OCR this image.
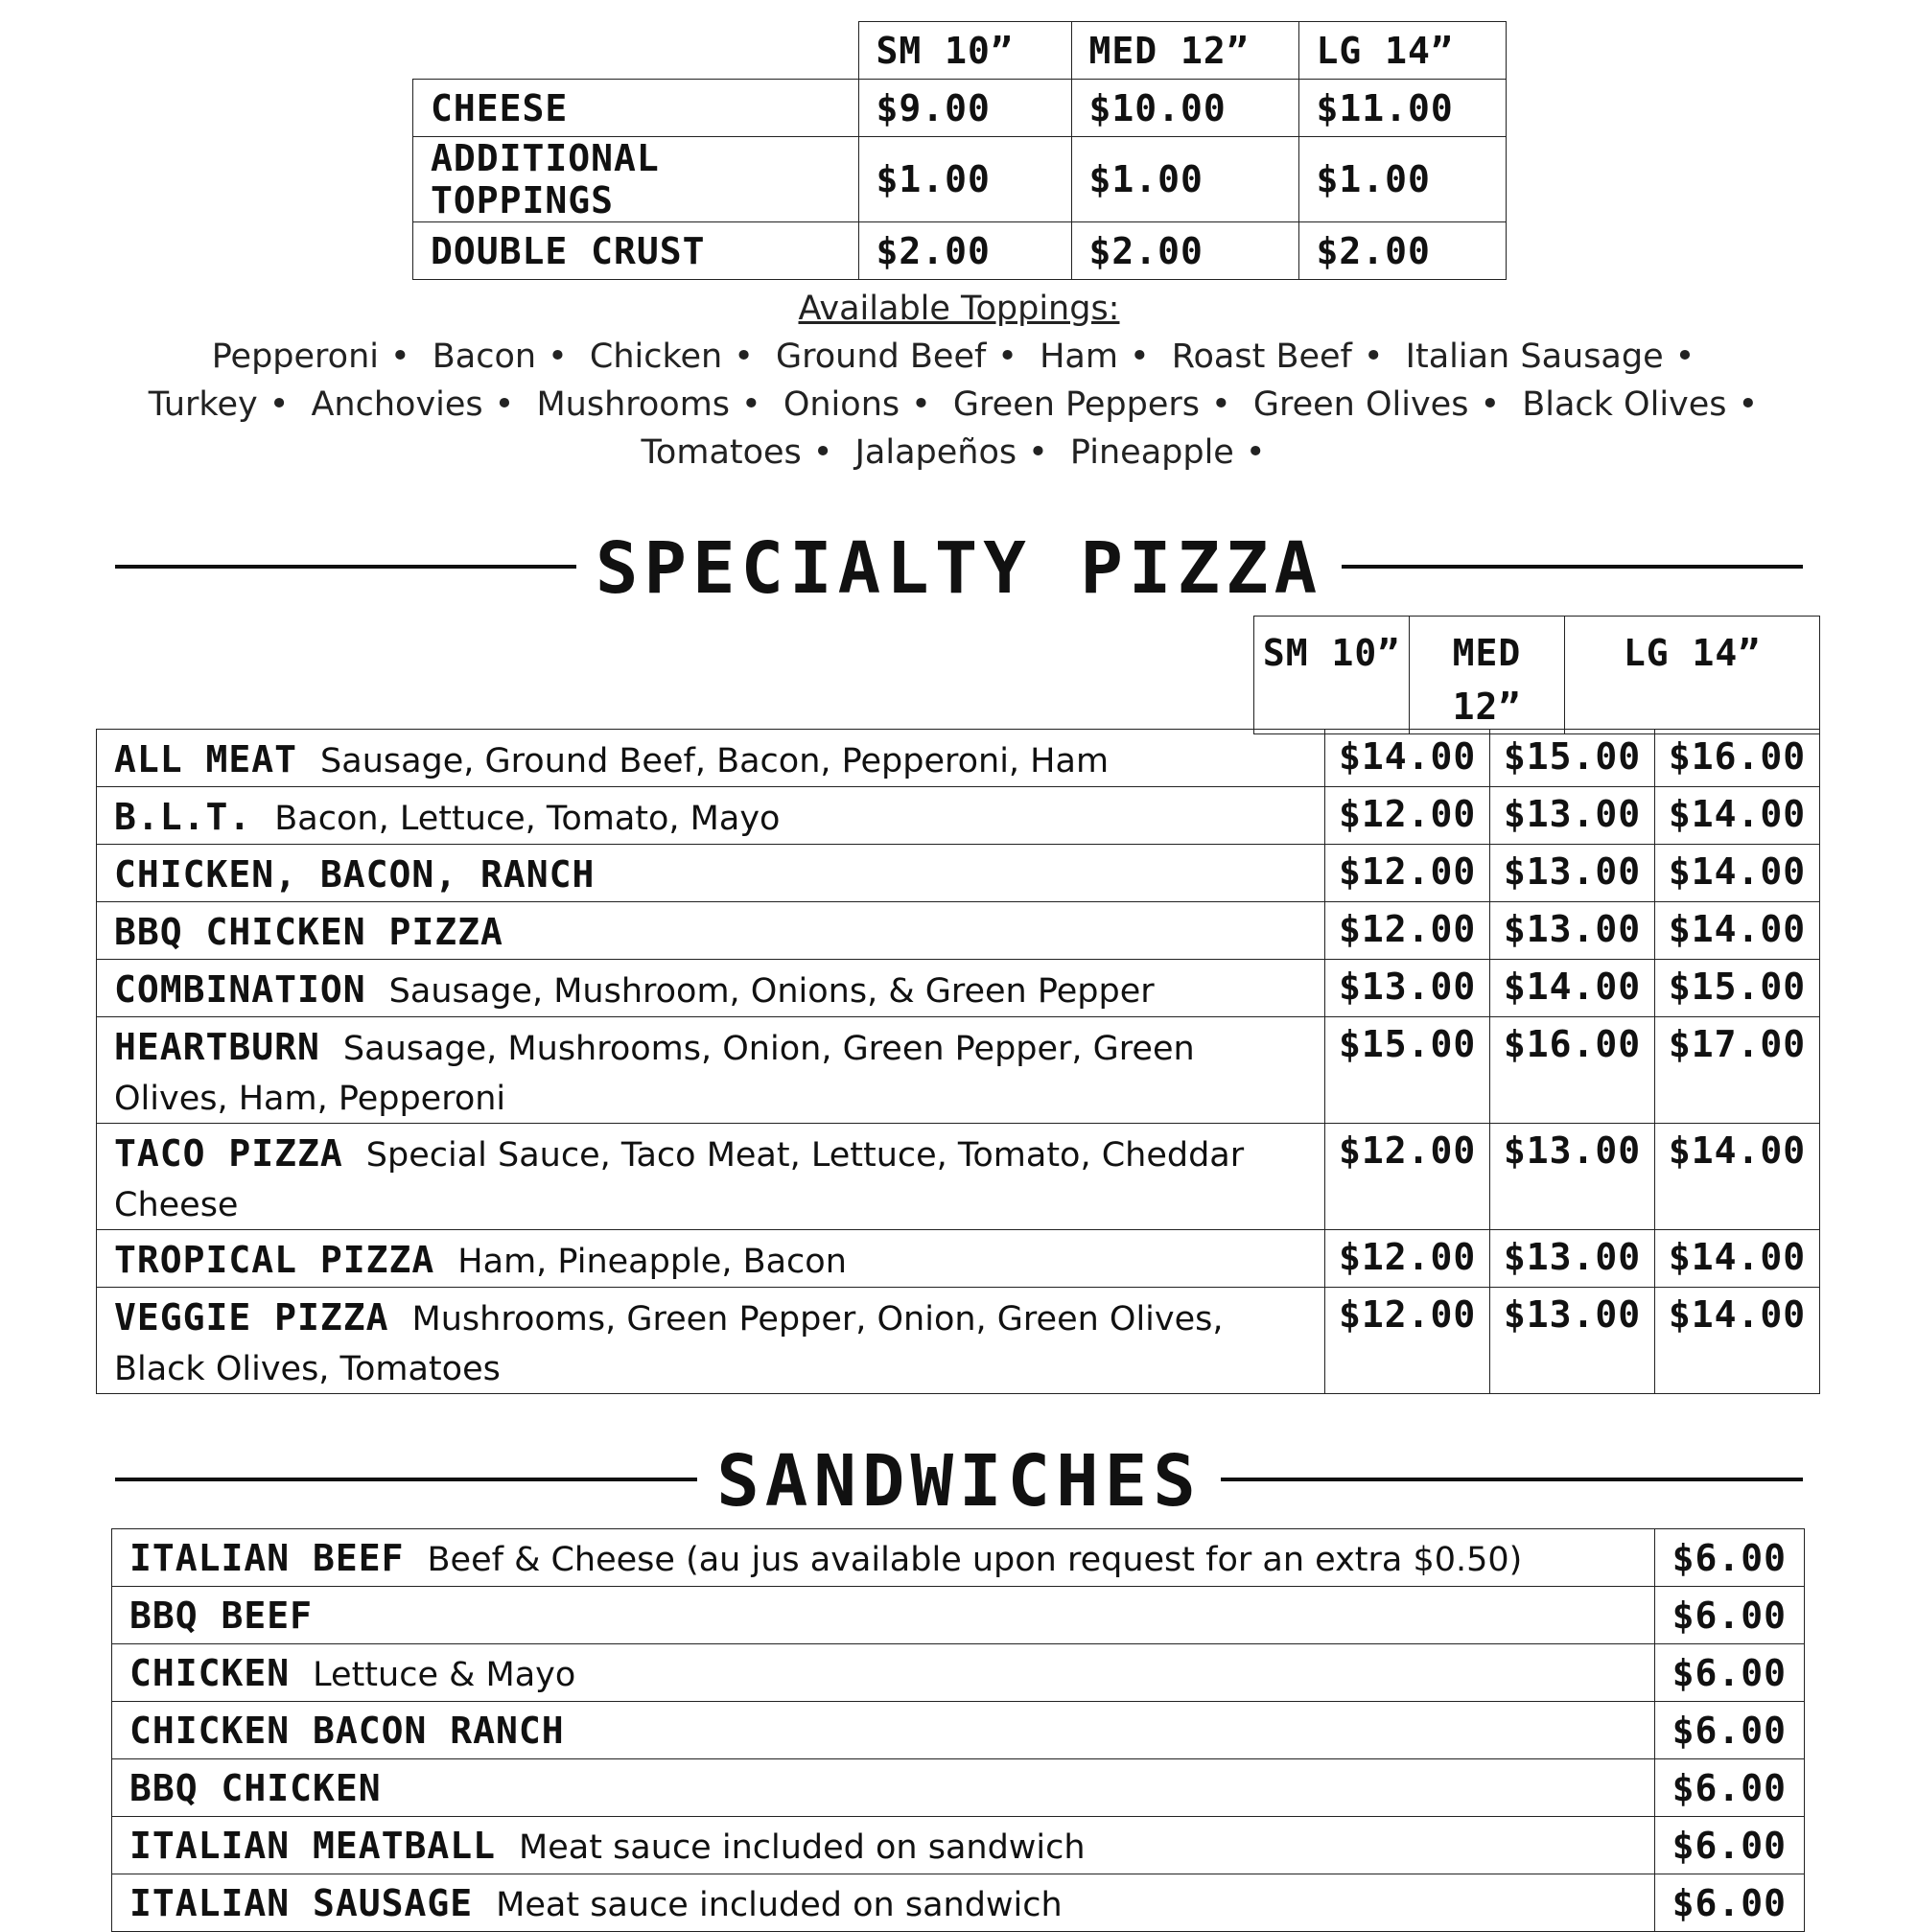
	SM 10”	MED 12”	LG 14”
CHEESE	$9.00	$10.00	$11.00
ADDITIONAL TOPPINGS	$1.00	$1.00	$1.00
DOUBLE CRUST	$2.00	$2.00	$2.00
Available Toppings:
Pepperoni • Bacon • Chicken • Ground Beef • Ham • Roast Beef • Italian Sausage • Turkey • Anchovies • Mushrooms • Onions • Green Peppers • Green Olives • Black Olives • Tomatoes • Jalapeños • Pineapple •
SPECIALTY PIZZA
SM 10”	MED 12”	LG 14”
ALL MEAT Sausage, Ground Beef, Bacon, Pepperoni, Ham	$14.00	$15.00	$16.00
B.L.T. Bacon, Lettuce, Tomato, Mayo	$12.00	$13.00	$14.00
CHICKEN, BACON, RANCH	$12.00	$13.00	$14.00
BBQ CHICKEN PIZZA	$12.00	$13.00	$14.00
COMBINATION Sausage, Mushroom, Onions, & Green Pepper	$13.00	$14.00	$15.00
HEARTBURN Sausage, Mushrooms, Onion, Green Pepper, Green Olives, Ham, Pepperoni	$15.00	$16.00	$17.00
TACO PIZZA Special Sauce, Taco Meat, Lettuce, Tomato, Cheddar Cheese	$12.00	$13.00	$14.00
TROPICAL PIZZA Ham, Pineapple, Bacon	$12.00	$13.00	$14.00
VEGGIE PIZZA Mushrooms, Green Pepper, Onion, Green Olives, Black Olives, Tomatoes	$12.00	$13.00	$14.00
SANDWICHES
ITALIAN BEEF Beef & Cheese (au jus available upon request for an extra $0.50)	$6.00
BBQ BEEF	$6.00
CHICKEN Lettuce & Mayo	$6.00
CHICKEN BACON RANCH	$6.00
BBQ CHICKEN	$6.00
ITALIAN MEATBALL Meat sauce included on sandwich	$6.00
ITALIAN SAUSAGE Meat sauce included on sandwich	$6.00
